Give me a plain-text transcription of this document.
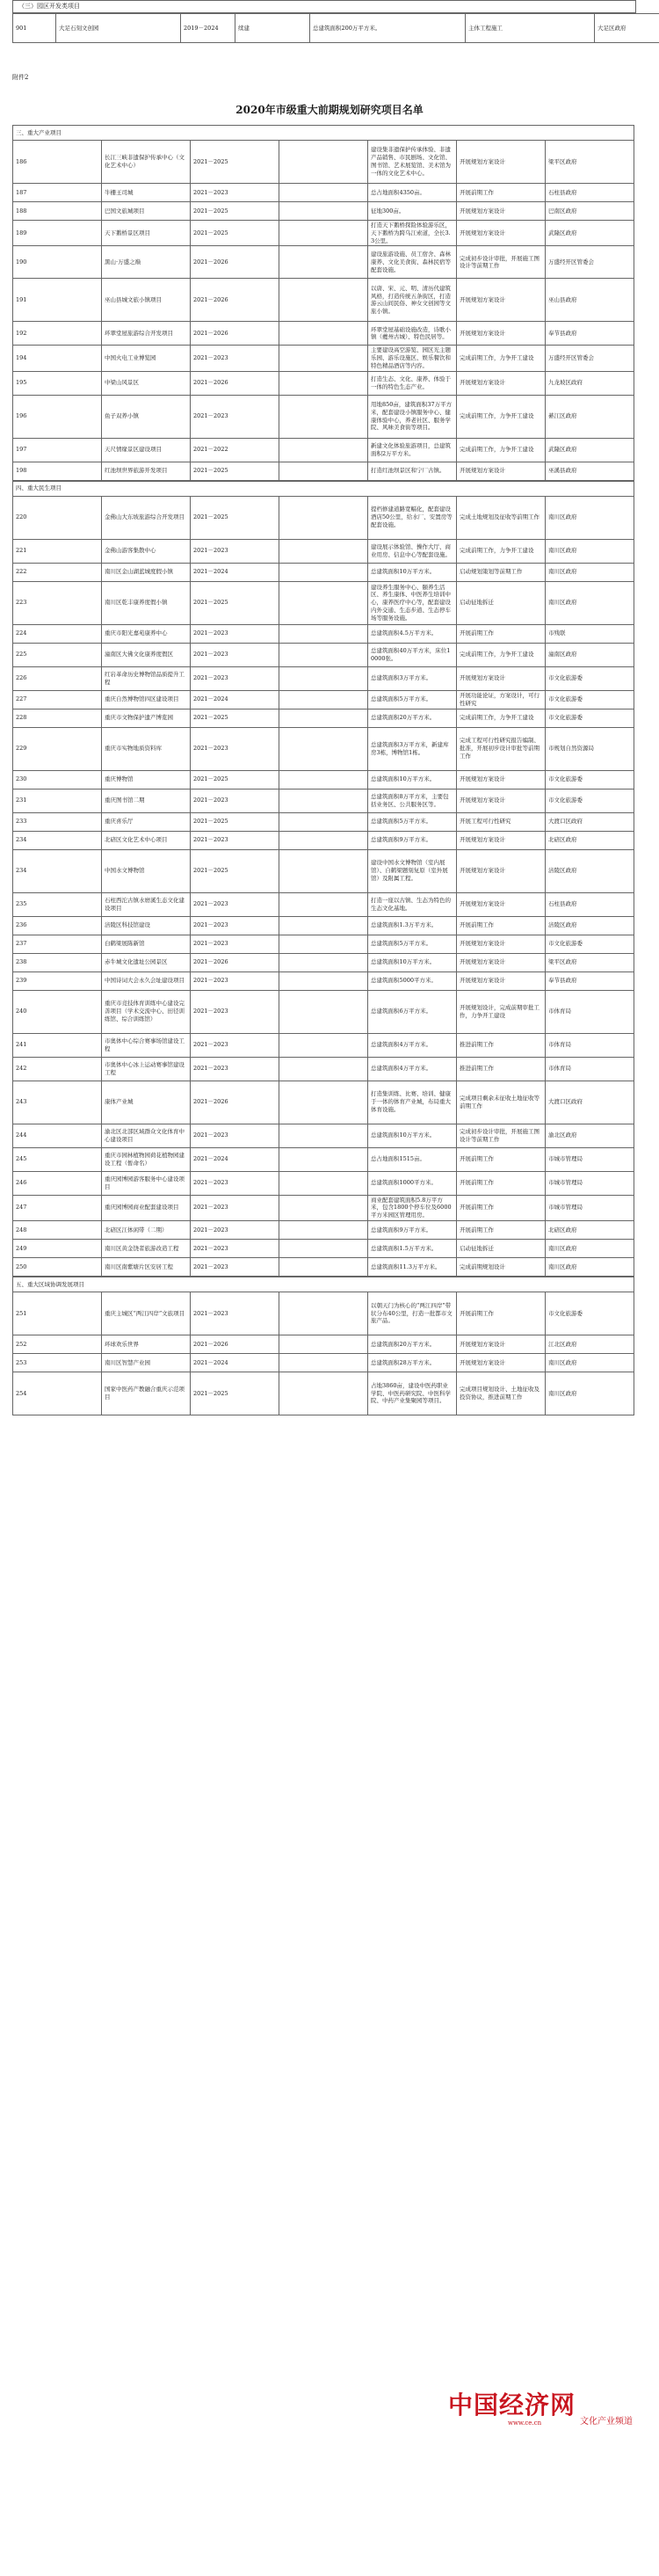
（三）园区开发类项目
901	大足石刻文创园	2019－2024	续建	总建筑面积200万平方米。	主体工程施工	大足区政府
附件2
2020年市级重大前期规划研究项目名单
三、重大产业项目						
186	长江三峡非遗保护传承中心（文化艺术中心）	2021－2025		建设集非遗保护传承体验、非遗产品销售、市民剧场、文化馆、图书馆、艺术展览馆、美术馆为一体的文化艺术中心。	开展规划方案设计	梁平区政府
187	牛栅王司城	2021－2023		总占地面积4350亩。	开展前期工作	石柱县政府
188	巴国文旅城项目	2021－2025		征地300亩。	开展规划方案设计	巴南区政府
189	天下鹅桥景区项目	2021－2025		打造天下鹅桥探险体验游乐区，天下鹅桥为跨乌江索道，全长3.3公里。	开展规划方案设计	武隆区政府
190	黑山·万盛之巅	2021－2026		建设旅游设施、员工宿舍、森林康养、文化美食街、森林民宿等配套设施。	完成初步设计审批，开展施工图设计等前期工作	万盛经开区管委会
191	巫山县城文旅小镇项目	2021－2026		以唐、宋、元、明、清历代建筑风格，打造传统五条街区，打造游云山间民俗、神女文创园等文旅小镇。	开展规划方案设计	巫山县政府
192	环翠堂屋旅游综合开发项目	2021－2026		环翠堂屋基础设施改造，诗歌小镇（夔州古城）、特色民居等。	开展规划方案设计	奉节县政府
194	中国火电工业博览园	2021－2023		主要建设高空游览、园区光主题乐园、游乐设施区、娱乐餐饮和特色精品酒店等内容。	完成前期工作，力争开工建设	万盛经开区管委会
195	中梁山风景区	2021－2026		打造生态、文化、康养、体验于一体的特色生态产业。	开展规划方案设计	九龙坡区政府
196	鱼子双养小镇	2021－2023		用地850亩，建筑面积37万平方米，配套建设小镇服务中心、健康体验中心，养老社区、服务学院、风味美食街等项目。	完成前期工作，力争开工建设	綦江区政府
197	天尺情缘景区建设项目	2021－2022		新建文化体验旅游项目，总建筑面积2万平方米。	完成前期工作，力争开工建设	武隆区政府
198	红池坝世界旅游开发项目	2021－2025		打造红池坝景区和宁厂古镇。	开展规划方案设计	巫溪县政府
四、重大民生项目						
220	金佛山大东坡旅游综合开发项目	2021－2025		提档修建道路宽幅化，配套建设酒店50公里，给水厂、安置房等配套设施。	完成土地规划及征收等前期工作	南川区政府
221	金佛山游客集散中心	2021－2023		建设展示体验馆、操作大厅、商业用房、信息中心等配套设施。	完成前期工作，力争开工建设	南川区政府
222	南川区金山湖蓝城度假小镇	2021－2024		总建筑面积10万平方米。	启动规划策划等前期工作	南川区政府
223	南川区乾丰康养度假小镇	2021－2025		建设养生服务中心、颐养生活区、养生康体、中医养生培训中心，康养医疗中心等，配套建设内外交通、生态步道、生态停车场等服务设施。	启动征地拆迁	南川区政府
224	重庆市阳光嘉苑康养中心	2021－2023		总建筑面积4.5万平方米。	开展前期工作	市残联
225	潼南区大佛文化康养度假区	2021－2023		总建筑面积40万平方米，床位10000张。	完成前期工作，力争开工建设	潼南区政府
226	红岩革命历史博物馆品质提升工程	2021－2023		总建筑面积3万平方米。	开展规划方案设计	市文化旅游委
227	重庆自然博物馆四区建设项目	2021－2024		总建筑面积5万平方米。	开展功能论证，方案设计，可行性研究	市文化旅游委
228	重庆市文物保护遗产博览园	2021－2025		总建筑面积20万平方米。	完成前期工作，力争开工建设	市文化旅游委
229	重庆市实物地质资料库	2021－2023		总建筑面积3万平方米，新建库房3栋，博物馆1栋。	完成工程可行性研究报告编制、批准，开展初步设计审批等前期工作	市规划自然资源局
230	重庆博物馆	2021－2025		总建筑面积10万平方米。	开展规划方案设计	市文化旅游委
231	重庆图书馆二期	2021－2023		总建筑面积8万平方米，主要包括业务区、公共服务区等。	开展规划方案设计	市文化旅游委
233	重庆喜乐厅	2021－2025		总建筑面积5万平方米。	开展工程可行性研究	大渡口区政府
234	北碚区文化艺术中心项目	2021－2023		总建筑面积9万平方米。	开展规划方案设计	北碚区政府
234	中国水文博物馆	2021－2025		建设中国水文博物馆（室内展馆）、自鹤梁题刻复原（室外展馆）及附属工程。	开展规划方案设计	涪陵区政府
235	石柱西沱古镇水磨溪生态文化建设项目	2021－2023		打造一座以古镇、生态为特色的生态文化基地。	开展规划方案设计	石柱县政府
236	涪陵区科技馆建设	2021－2023		总建筑面积1.3万平方米。	开展前期工作	涪陵区政府
237	白鹤梁展陈新馆	2021－2023		总建筑面积5万平方米。	开展规划方案设计	市文化旅游委
238	赤牛城文化遗址公园景区	2021－2026		总建筑面积10万平方米。	开展规划方案设计	梁平区政府
239	中国诗词大会永久会址建设项目	2021－2023		总建筑面积5000平方米。	开展规划方案设计	奉节县政府
240	重庆市竞技体育训练中心建设完善项目（学术交流中心、田径训练馆、综合训练馆）	2021－2023		总建筑面积6万平方米。	开展规划设计，完成前期审批工作，力争开工建设	市体育局
241	市奥体中心综合赛事场馆建设工程	2021－2023		总建筑面积4万平方米。	推进前期工作	市体育局
242	市奥体中心冰上运动赛事馆建设工程	2021－2023		总建筑面积4万平方米。	推进前期工作	市体育局
243	康体产业城	2021－2026		打造集训练、比赛、培训、健康于一体的体育产业城，布局重大体育设施。	完成项目剩余未征收土地征收等前期工作	大渡口区政府
244	渝北区北部区域群众文化体育中心建设项目	2021－2023		总建筑面积10万平方米。	完成初步设计审批，开展施工图设计等前期工作	渝北区政府
245	重庆市园林植物园荷花植物园建设工程（暂命名）	2021－2024		总占地面积1515亩。	开展前期工作	市城市管理局
246	重庆园博园游客服务中心建设项目	2021－2023		总建筑面积1000平方米。	开展前期工作	市城市管理局
247	重庆园博园商业配套建设项目	2021－2023		商业配套建筑面积5.8万平方米，包含1800个停车位及6000平方米园区管理用房。	开展前期工作	市城市管理局
248	北碚区江体闲带（二期）	2021－2023		总建筑面积9万平方米。	开展前期工作	北碚区政府
249	南川区黄金饶者旅游改造工程	2021－2023		总建筑面积1.5万平方米。	启动征地拆迁	南川区政府
250	南川区南紫塘片区安居工程	2021－2023		总建筑面积11.3万平方米。	完成前期规划设计	南川区政府
五、重大区域协调发展项目						
251	重庆主城区“两江四岸”文旅项目	2021－2023		以朝天门为核心的“两江四岸”带状分布40公里，打造一批都市文旅产品。	开展前期工作	市文化旅游委
252	环球欢乐世界	2021－2026		总建筑面积20万平方米。	开展规划方案设计	江北区政府
253	南川区智慧产业园	2021－2024		总建筑面积28万平方米。	开展规划方案设计	南川区政府
254	国家中医药产教融合重庆示范项目	2021－2025		占地3860亩，建设中医药职业学院、中医药研究院、中医科学院、中药产业集聚园等项目。	完成项目规划设计、土地征收及投资协议，推进前期工作	南川区政府
中国经济网
www.ce.cn	文化产业频道
